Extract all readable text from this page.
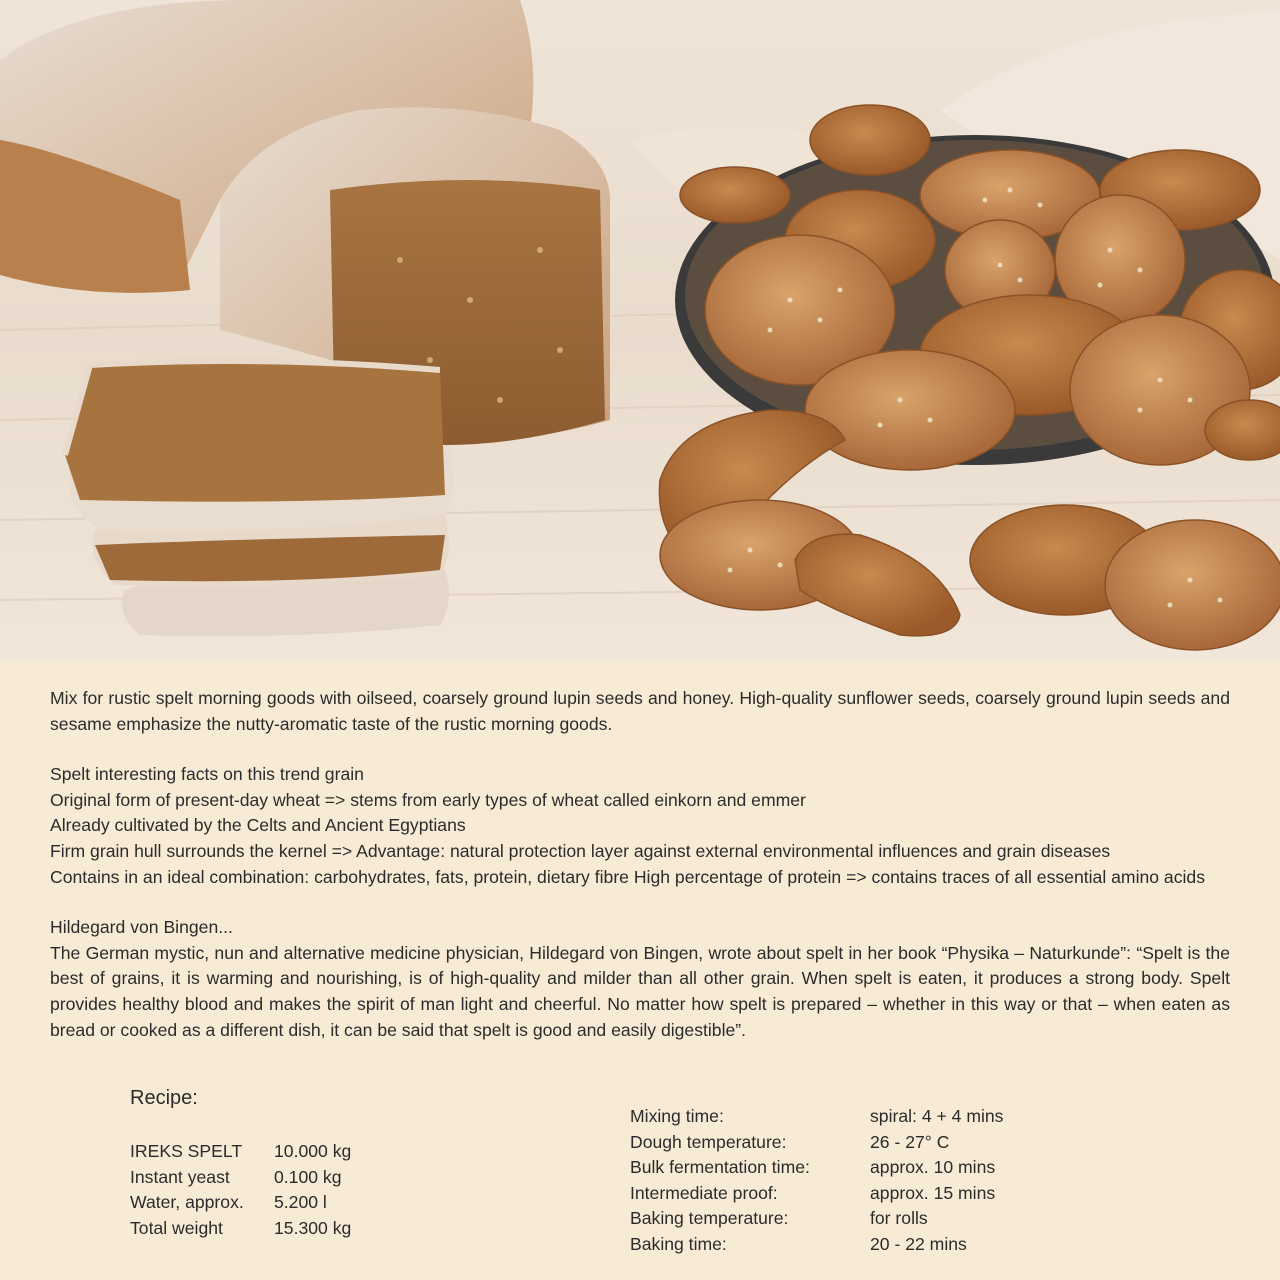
Mix for rustic spelt morning goods with oilseed, coarsely ground lupin seeds and honey. High-quality sunflower seeds, coarsely ground lupin seeds and sesame emphasize the nutty-aromatic taste of the rustic morning goods.

Spelt interesting facts on this trend grain

Original form of present-day wheat => stems from early types of wheat called einkorn and emmer

Already cultivated by the Celts and Ancient Egyptians

Firm grain hull surrounds the kernel => Advantage: natural protection layer against external environmental influences and grain diseases

Contains in an ideal combination: carbohydrates, fats, protein, dietary fibre High percentage of protein => contains traces of all essential amino acids

Hildegard von Bingen...

The German mystic, nun and alternative medicine physician, Hildegard von Bingen, wrote about spelt in her book “Physika – Naturkunde”: “Spelt is the best of grains, it is warming and nourishing, is of high-quality and milder than all other grain. When spelt is eaten, it produces a strong body. Spelt provides healthy blood and makes the spirit of man light and cheerful. No matter how spelt is prepared – whether in this way or that – when eaten as bread or cooked as a different dish, it can be said that spelt is good and easily digestible”.

Recipe:
IREKS SPELT	10.000 kg
Instant yeast	0.100 kg
Water, approx.	5.200 l
Total weight	15.300 kg
Mixing time:	spiral: 4 + 4 mins
Dough temperature:	26 - 27° C
Bulk fermentation time:	approx. 10 mins
Intermediate proof:	approx. 15 mins
Baking temperature:	for rolls
Baking time:	20 - 22 mins
